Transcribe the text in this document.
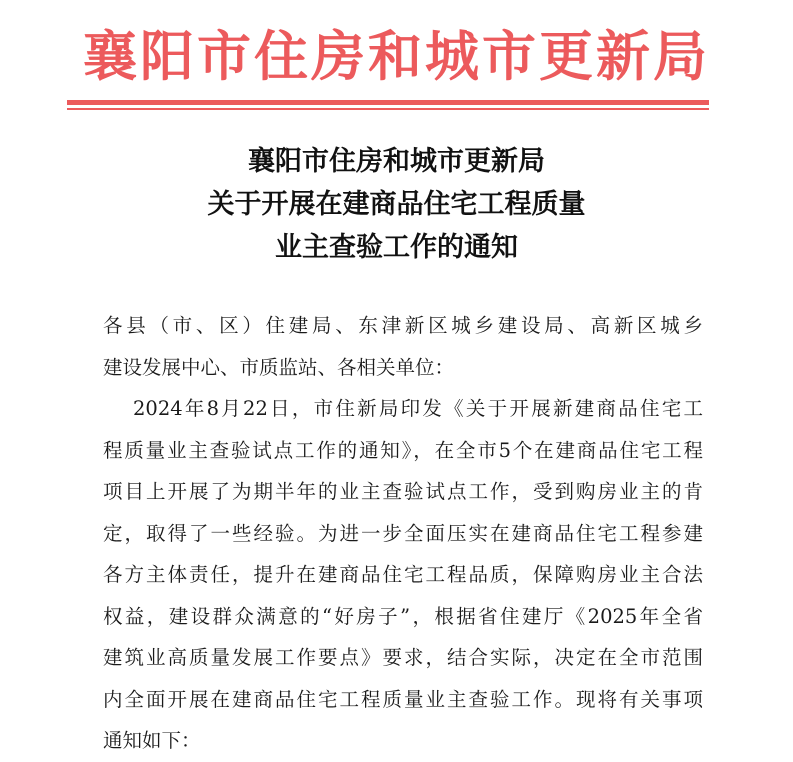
襄阳市住房和城市更新局
襄阳市住房和城市更新局
关于开展在建商品住宅工程质量
业主查验工作的通知
各县（市、区）住建局、东津新区城乡建设局、高新区城乡
建设发展中心、市质监站、各相关单位：
2024年8月22日，市住新局印发《关于开展新建商品住宅工
程质量业主查验试点工作的通知》，在全市5个在建商品住宅工程
项目上开展了为期半年的业主查验试点工作，受到购房业主的肯
定，取得了一些经验。为进一步全面压实在建商品住宅工程参建
各方主体责任，提升在建商品住宅工程品质，保障购房业主合法
权益，建设群众满意的“好房子”，根据省住建厅《2025年全省
建筑业高质量发展工作要点》要求，结合实际，决定在全市范围
内全面开展在建商品住宅工程质量业主查验工作。现将有关事项
通知如下：
